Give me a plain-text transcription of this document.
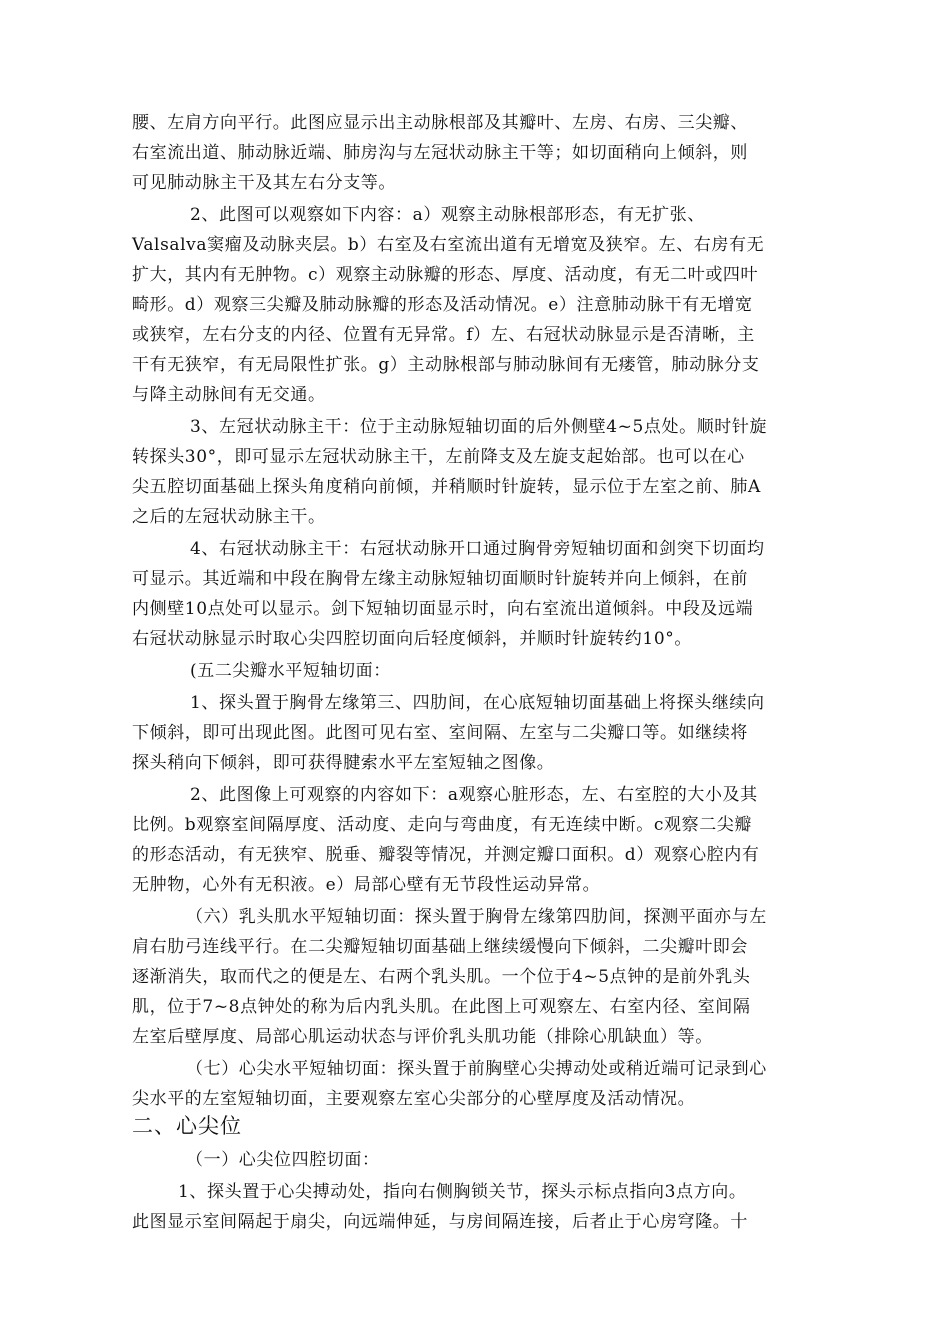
腰、左肩方向平行。此图应显示出主动脉根部及其瓣叶、左房、右房、三尖瓣、
右室流出道、肺动脉近端、肺房沟与左冠状动脉主干等；如切面稍向上倾斜，则
可见肺动脉主干及其左右分支等。
2、此图可以观察如下内容：a）观察主动脉根部形态，有无扩张、
Valsalva窦瘤及动脉夹层。b）右室及右室流出道有无增宽及狭窄。左、右房有无
扩大，其内有无肿物。c）观察主动脉瓣的形态、厚度、活动度，有无二叶或四叶
畸形。d）观察三尖瓣及肺动脉瓣的形态及活动情况。e）注意肺动脉干有无增宽
或狭窄，左右分支的内径、位置有无异常。f）左、右冠状动脉显示是否清晰，主
干有无狭窄，有无局限性扩张。g）主动脉根部与肺动脉间有无瘘管，肺动脉分支
与降主动脉间有无交通。
3、左冠状动脉主干：位于主动脉短轴切面的后外侧壁4~5点处。顺时针旋
转探头30°，即可显示左冠状动脉主干，左前降支及左旋支起始部。也可以在心
尖五腔切面基础上探头角度稍向前倾，并稍顺时针旋转，显示位于左室之前、肺A
之后的左冠状动脉主干。
4、右冠状动脉主干：右冠状动脉开口通过胸骨旁短轴切面和剑突下切面均
可显示。其近端和中段在胸骨左缘主动脉短轴切面顺时针旋转并向上倾斜，在前
内侧壁10点处可以显示。剑下短轴切面显示时，向右室流出道倾斜。中段及远端
右冠状动脉显示时取心尖四腔切面向后轻度倾斜，并顺时针旋转约10°。
(五二尖瓣水平短轴切面：
1、探头置于胸骨左缘第三、四肋间，在心底短轴切面基础上将探头继续向
下倾斜，即可出现此图。此图可见右室、室间隔、左室与二尖瓣口等。如继续将
探头稍向下倾斜，即可获得腱索水平左室短轴之图像。
2、此图像上可观察的内容如下：a观察心脏形态，左、右室腔的大小及其
比例。b观察室间隔厚度、活动度、走向与弯曲度，有无连续中断。c观察二尖瓣
的形态活动，有无狭窄、脱垂、瓣裂等情况，并测定瓣口面积。d）观察心腔内有
无肿物，心外有无积液。e）局部心壁有无节段性运动异常。
（六）乳头肌水平短轴切面：探头置于胸骨左缘第四肋间，探测平面亦与左
肩右肋弓连线平行。在二尖瓣短轴切面基础上继续缓慢向下倾斜，二尖瓣叶即会
逐渐消失，取而代之的便是左、右两个乳头肌。一个位于4~5点钟的是前外乳头
肌，位于7~8点钟处的称为后内乳头肌。在此图上可观察左、右室内径、室间隔
左室后壁厚度、局部心肌运动状态与评价乳头肌功能（排除心肌缺血）等。
（七）心尖水平短轴切面：探头置于前胸壁心尖搏动处或稍近端可记录到心
尖水平的左室短轴切面，主要观察左室心尖部分的心壁厚度及活动情况。
二、心尖位
（一）心尖位四腔切面：
1、探头置于心尖搏动处，指向右侧胸锁关节，探头示标点指向3点方向。
此图显示室间隔起于扇尖，向远端伸延，与房间隔连接，后者止于心房穹隆。十
